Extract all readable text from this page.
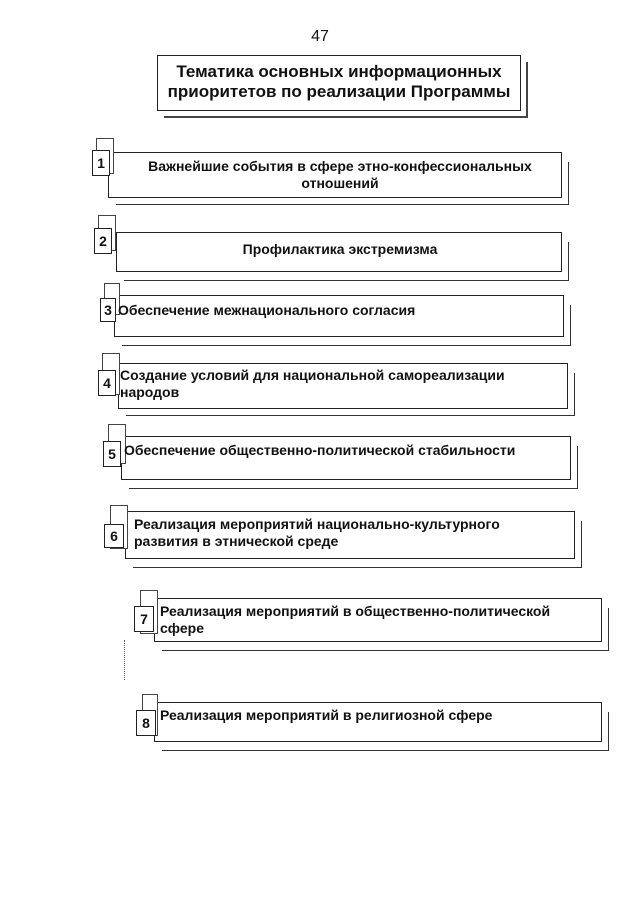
47
Тематика основных информационных
приоритетов по реализации Программы
1	Важнейшие события в сфере этно-конфессиональных отношений
2	Профилактика экстремизма
3 Обеспечение межнационального согласия
4 Создание условий для национальной самореализации народов
5 Обеспечение общественно-политической стабильности
6
Реализация мероприятий национально-культурного развития в этнической среде
7 Реализация мероприятий в общественно-политической сфере
8 Реализация мероприятий в религиозной сфере
